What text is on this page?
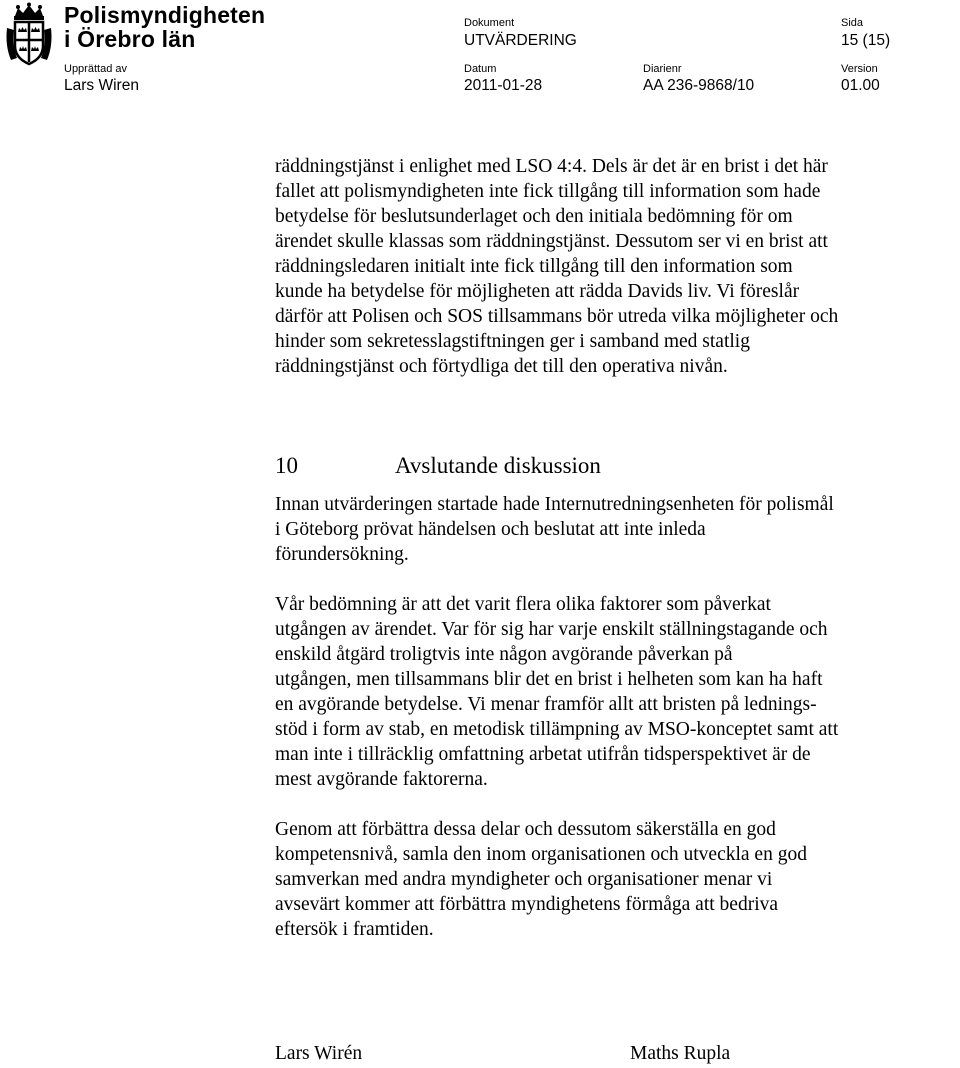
Polismyndigheten
i Örebro län
Dokument
UTVÄRDERING
Sida
15 (15)
Upprättad av
Lars Wiren
Datum
2011-01-28
Diarienr
AA 236-9868/10
Version
01.00
räddningstjänst i enlighet med LSO 4:4. Dels är det är en brist i det här
fallet att polismyndigheten inte fick tillgång till information som hade
betydelse för beslutsunderlaget och den initiala bedömning för om
ärendet skulle klassas som räddningstjänst. Dessutom ser vi en brist att
räddningsledaren initialt inte fick tillgång till den information som
kunde ha betydelse för möjligheten att rädda Davids liv. Vi föreslår
därför att Polisen och SOS tillsammans bör utreda vilka möjligheter och
hinder som sekretesslagstiftningen ger i samband med statlig
räddningstjänst och förtydliga det till den operativa nivån.
10	Avslutande diskussion
Innan utvärderingen startade hade Internutredningsenheten för polismål
i Göteborg prövat händelsen och beslutat att inte inleda
förundersökning.
Vår bedömning är att det varit flera olika faktorer som påverkat
utgången av ärendet. Var för sig har varje enskilt ställningstagande och
enskild åtgärd troligtvis inte någon avgörande påverkan på
utgången, men tillsammans blir det en brist i helheten som kan ha haft
en avgörande betydelse. Vi menar framför allt att bristen på lednings-
stöd i form av stab, en metodisk tillämpning av MSO-konceptet samt att
man inte i tillräcklig omfattning arbetat utifrån tidsperspektivet är de
mest avgörande faktorerna.
Genom att förbättra dessa delar och dessutom säkerställa en god
kompetensnivå, samla den inom organisationen och utveckla en god
samverkan med andra myndigheter och organisationer menar vi
avsevärt kommer att förbättra myndighetens förmåga att bedriva
eftersök i framtiden.
Lars Wirén	Maths Rupla
